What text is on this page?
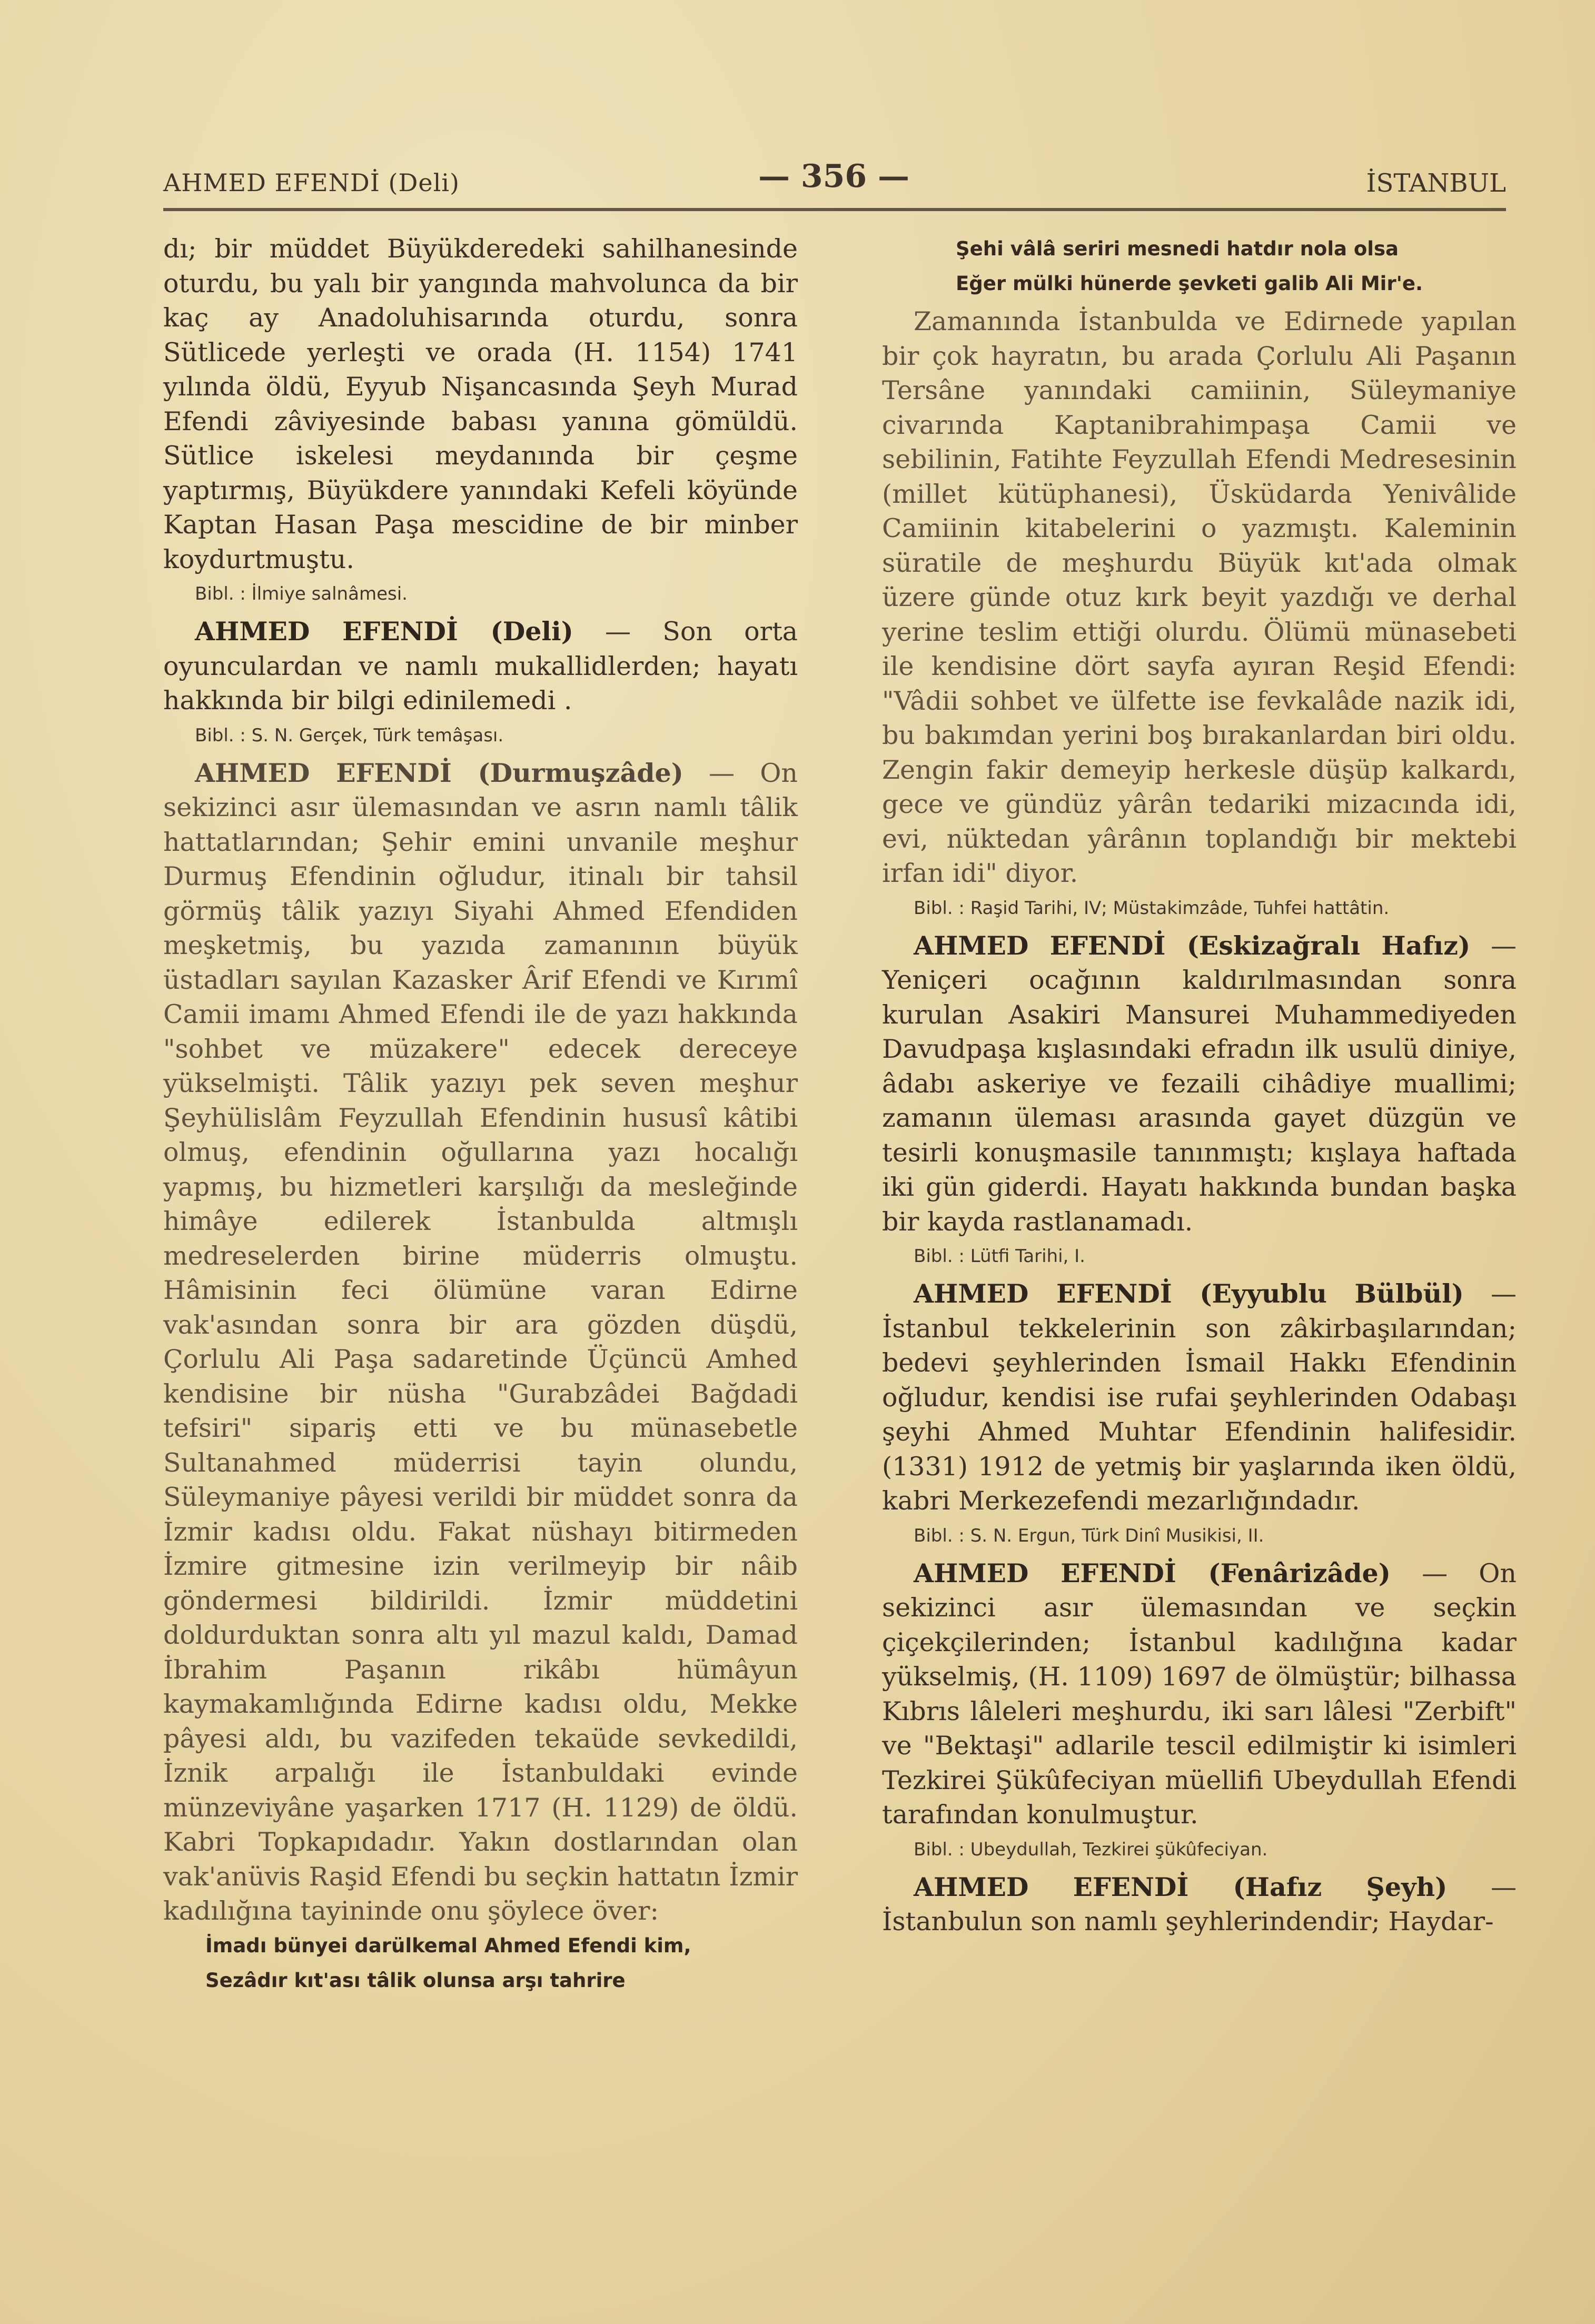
AHMED EFENDİ (Deli)	— 356 —	İSTANBUL

dı; bir müddet Büyükderedeki sahilhanesinde oturdu, bu yalı bir yangında mahvolunca da bir kaç ay Anadoluhisarında oturdu, sonra Sütlicede yerleşti ve orada (H. 1154) 1741 yılında öldü, Eyyub Nişancasında Şeyh Murad Efendi zâviyesinde babası yanına gömüldü. Sütlice iskelesi meydanında bir çeşme yaptırmış, Büyükdere yanındaki Kefeli köyünde Kaptan Hasan Paşa mescidine de bir minber koydurtmuştu.

Bibl. : İlmiye salnâmesi.

AHMED EFENDİ (Deli) — Son orta oyunculardan ve namlı mukallidlerden; hayatı hakkında bir bilgi edinilemedi .

Bibl. : S. N. Gerçek, Türk temâşası.

AHMED EFENDİ (Durmuşzâde) — On sekizinci asır ülemasından ve asrın namlı tâlik hattatlarından; Şehir emini unvanile meşhur Durmuş Efendinin oğludur, itinalı bir tahsil görmüş tâlik yazıyı Siyahi Ahmed Efendiden meşketmiş, bu yazıda zamanının büyük üstadları sayılan Kazasker Ârif Efendi ve Kırımî Camii imamı Ahmed Efendi ile de yazı hakkında "sohbet ve müzakere" edecek dereceye yükselmişti. Tâlik yazıyı pek seven meşhur Şeyhülislâm Feyzullah Efendinin hususî kâtibi olmuş, efendinin oğullarına yazı hocalığı yapmış, bu hizmetleri karşılığı da mesleğinde himâye edilerek İstanbulda altmışlı medreselerden birine müderris olmuştu. Hâmisinin feci ölümüne varan Edirne vak'asından sonra bir ara gözden düşdü, Çorlulu Ali Paşa sadaretinde Üçüncü Amhed kendisine bir nüsha "Gurabzâdei Bağdadi tefsiri" sipariş etti ve bu münasebetle Sultanahmed müderrisi tayin olundu, Süleymaniye pâyesi verildi bir müddet sonra da İzmir kadısı oldu. Fakat nüshayı bitirmeden İzmire gitmesine izin verilmeyip bir nâib göndermesi bildirildi. İzmir müddetini doldurduktan sonra altı yıl mazul kaldı, Damad İbrahim Paşanın rikâbı hümâyun kaymakamlığında Edirne kadısı oldu, Mekke pâyesi aldı, bu vazifeden tekaüde sevkedildi, İznik arpalığı ile İstanbuldaki evinde münzeviyâne yaşarken 1717 (H. 1129) de öldü. Kabri Topkapıdadır. Yakın dostlarından olan vak'anüvis Raşid Efendi bu seçkin hattatın İzmir kadılığına tayininde onu şöylece över:

İmadı bünyei darülkemal Ahmed Efendi kim,
Sezâdır kıt'ası tâlik olunsa arşı tahrire
Şehi vâlâ seriri mesnedi hatdır nola olsa
Eğer mülki hünerde şevketi galib Ali Mir'e.

Zamanında İstanbulda ve Edirnede yapılan bir çok hayratın, bu arada Çorlulu Ali Paşanın Tersâne yanındaki camiinin, Süleymaniye civarında Kaptanibrahimpaşa Camii ve sebilinin, Fatihte Feyzullah Efendi Medresesinin (millet kütüphanesi), Üsküdarda Yenivâlide Camiinin kitabelerini o yazmıştı. Kaleminin süratile de meşhurdu Büyük kıt'ada olmak üzere günde otuz kırk beyit yazdığı ve derhal yerine teslim ettiği olurdu. Ölümü münasebeti ile kendisine dört sayfa ayıran Reşid Efendi: "Vâdii sohbet ve ülfette ise fevkalâde nazik idi, bu bakımdan yerini boş bırakanlardan biri oldu. Zengin fakir demeyip herkesle düşüp kalkardı, gece ve gündüz yârân tedariki mizacında idi, evi, nüktedan yârânın toplandığı bir mektebi irfan idi" diyor.

Bibl. : Raşid Tarihi, IV; Müstakimzâde, Tuhfei hattâtin.

AHMED EFENDİ (Eskizağralı Hafız) — Yeniçeri ocağının kaldırılmasından sonra kurulan Asakiri Mansurei Muhammediyeden Davudpaşa kışlasındaki efradın ilk usulü diniye, âdabı askeriye ve fezaili cihâdiye muallimi; zamanın üleması arasında gayet düzgün ve tesirli konuşmasile tanınmıştı; kışlaya haftada iki gün giderdi. Hayatı hakkında bundan başka bir kayda rastlanamadı.

Bibl. : Lütfi Tarihi, I.

AHMED EFENDİ (Eyyublu Bülbül) — İstanbul tekkelerinin son zâkirbaşılarından; bedevi şeyhlerinden İsmail Hakkı Efendinin oğludur, kendisi ise rufai şeyhlerinden Odabaşı şeyhi Ahmed Muhtar Efendinin halifesidir. (1331) 1912 de yetmiş bir yaşlarında iken öldü, kabri Merkezefendi mezarlığındadır.

Bibl. : S. N. Ergun, Türk Dinî Musikisi, II.

AHMED EFENDİ (Fenârizâde) — On sekizinci asır ülemasından ve seçkin çiçekçilerinden; İstanbul kadılığına kadar yükselmiş, (H. 1109) 1697 de ölmüştür; bilhassa Kıbrıs lâleleri meşhurdu, iki sarı lâlesi "Zerbift" ve "Bektaşi" adlarile tescil edilmiştir ki isimleri Tezkirei Şükûfeciyan müellifi Ubeydullah Efendi tarafından konulmuştur.

Bibl. : Ubeydullah, Tezkirei şükûfeciyan.

AHMED EFENDİ (Hafız Şeyh) — İstanbulun son namlı şeyhlerindendir; Haydar-
